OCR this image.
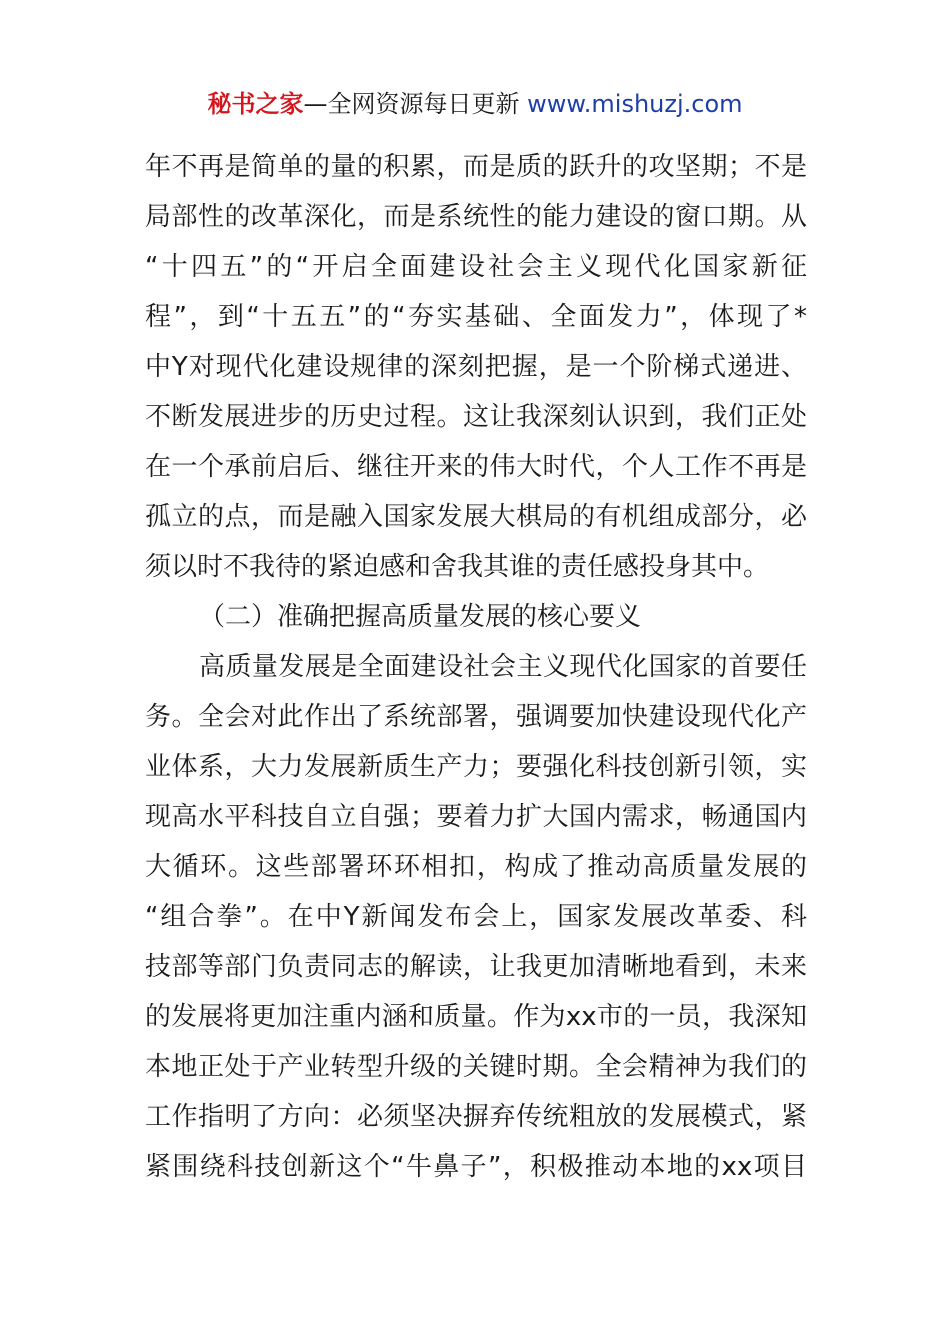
秘书之家—全网资源每日更新 www.mishuzj.com
年不再是简单的量的积累，而是质的跃升的攻坚期；不是
局部性的改革深化，而是系统性的能力建设的窗口期。从
“十四五”的“开启全面建设社会主义现代化国家新征
程”，到“十五五”的“夯实基础、全面发力”，体现了*
中Y对现代化建设规律的深刻把握，是一个阶梯式递进、
不断发展进步的历史过程。这让我深刻认识到，我们正处
在一个承前启后、继往开来的伟大时代，个人工作不再是
孤立的点，而是融入国家发展大棋局的有机组成部分，必
须以时不我待的紧迫感和舍我其谁的责任感投身其中。
（二）准确把握高质量发展的核心要义
高质量发展是全面建设社会主义现代化国家的首要任
务。全会对此作出了系统部署，强调要加快建设现代化产
业体系，大力发展新质生产力；要强化科技创新引领，实
现高水平科技自立自强；要着力扩大国内需求，畅通国内
大循环。这些部署环环相扣，构成了推动高质量发展的
“组合拳”。在中Y新闻发布会上，国家发展改革委、科
技部等部门负责同志的解读，让我更加清晰地看到，未来
的发展将更加注重内涵和质量。作为xx市的一员，我深知
本地正处于产业转型升级的关键时期。全会精神为我们的
工作指明了方向：必须坚决摒弃传统粗放的发展模式，紧
紧围绕科技创新这个“牛鼻子”，积极推动本地的xx项目
